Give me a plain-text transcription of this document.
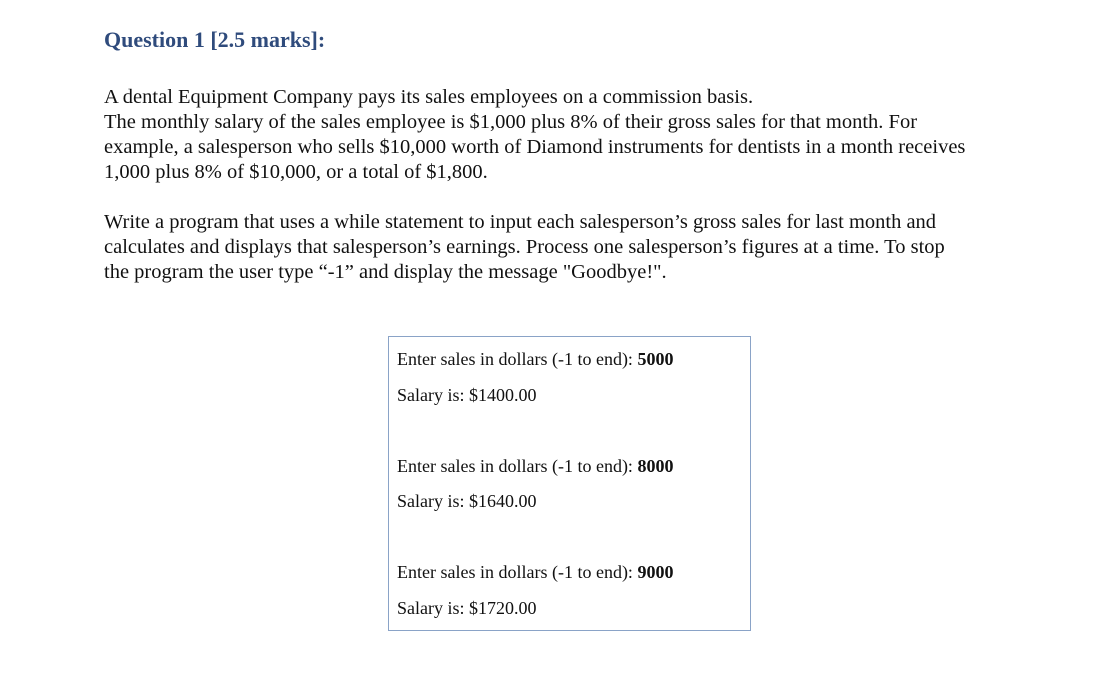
Question 1 [2.5 marks]:

A dental Equipment Company pays its sales employees on a commission basis.
The monthly salary of the sales employee is $1,000 plus 8% of their gross sales for that month. For
example, a salesperson who sells $10,000 worth of Diamond instruments for dentists in a month receives
1,000 plus 8% of $10,000, or a total of $1,800.

Write a program that uses a while statement to input each salesperson’s gross sales for last month and
calculates and displays that salesperson’s earnings. Process one salesperson’s figures at a time. To stop
the program the user type “-1” and display the message "Goodbye!".

Enter sales in dollars (-1 to end): 5000
Salary is: $1400.00
Enter sales in dollars (-1 to end): 8000
Salary is: $1640.00
Enter sales in dollars (-1 to end): 9000
Salary is: $1720.00
